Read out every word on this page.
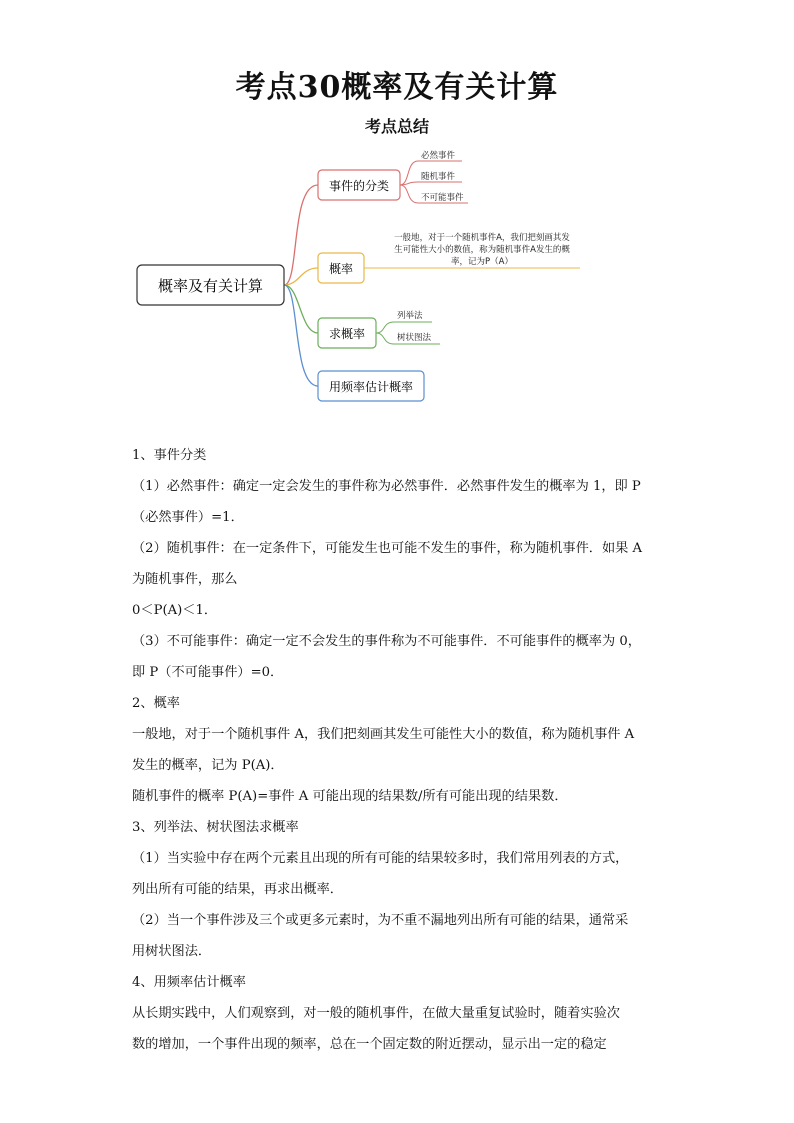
考点30概率及有关计算
考点总结
概率及有关计算
事件的分类
必然事件
随机事件
不可能事件
概率
一般地，对于一个随机事件A，我们把刻画其发
生可能性大小的数值，称为随机事件A发生的概
率，记为P（A）
求概率
列举法
树状图法
用频率估计概率

1、事件分类

（1）必然事件：确定一定会发生的事件称为必然事件．必然事件发生的概率为 1，即 P

（必然事件）=1．

（2）随机事件：在一定条件下，可能发生也可能不发生的事件，称为随机事件．如果 A

为随机事件，那么

0＜P(A)＜1．

（3）不可能事件：确定一定不会发生的事件称为不可能事件．不可能事件的概率为 0，

即 P（不可能事件）=0．

2、概率

一般地，对于一个随机事件 A，我们把刻画其发生可能性大小的数值，称为随机事件 A

发生的概率，记为 P(A)．

随机事件的概率 P(A)=事件 A 可能出现的结果数/所有可能出现的结果数．

3、列举法、树状图法求概率

（1）当实验中存在两个元素且出现的所有可能的结果较多时，我们常用列表的方式，

列出所有可能的结果，再求出概率．

（2）当一个事件涉及三个或更多元素时，为不重不漏地列出所有可能的结果，通常采

用树状图法．

4、用频率估计概率

从长期实践中，人们观察到，对一般的随机事件，在做大量重复试验时，随着实验次

数的增加，一个事件出现的频率，总在一个固定数的附近摆动，显示出一定的稳定
